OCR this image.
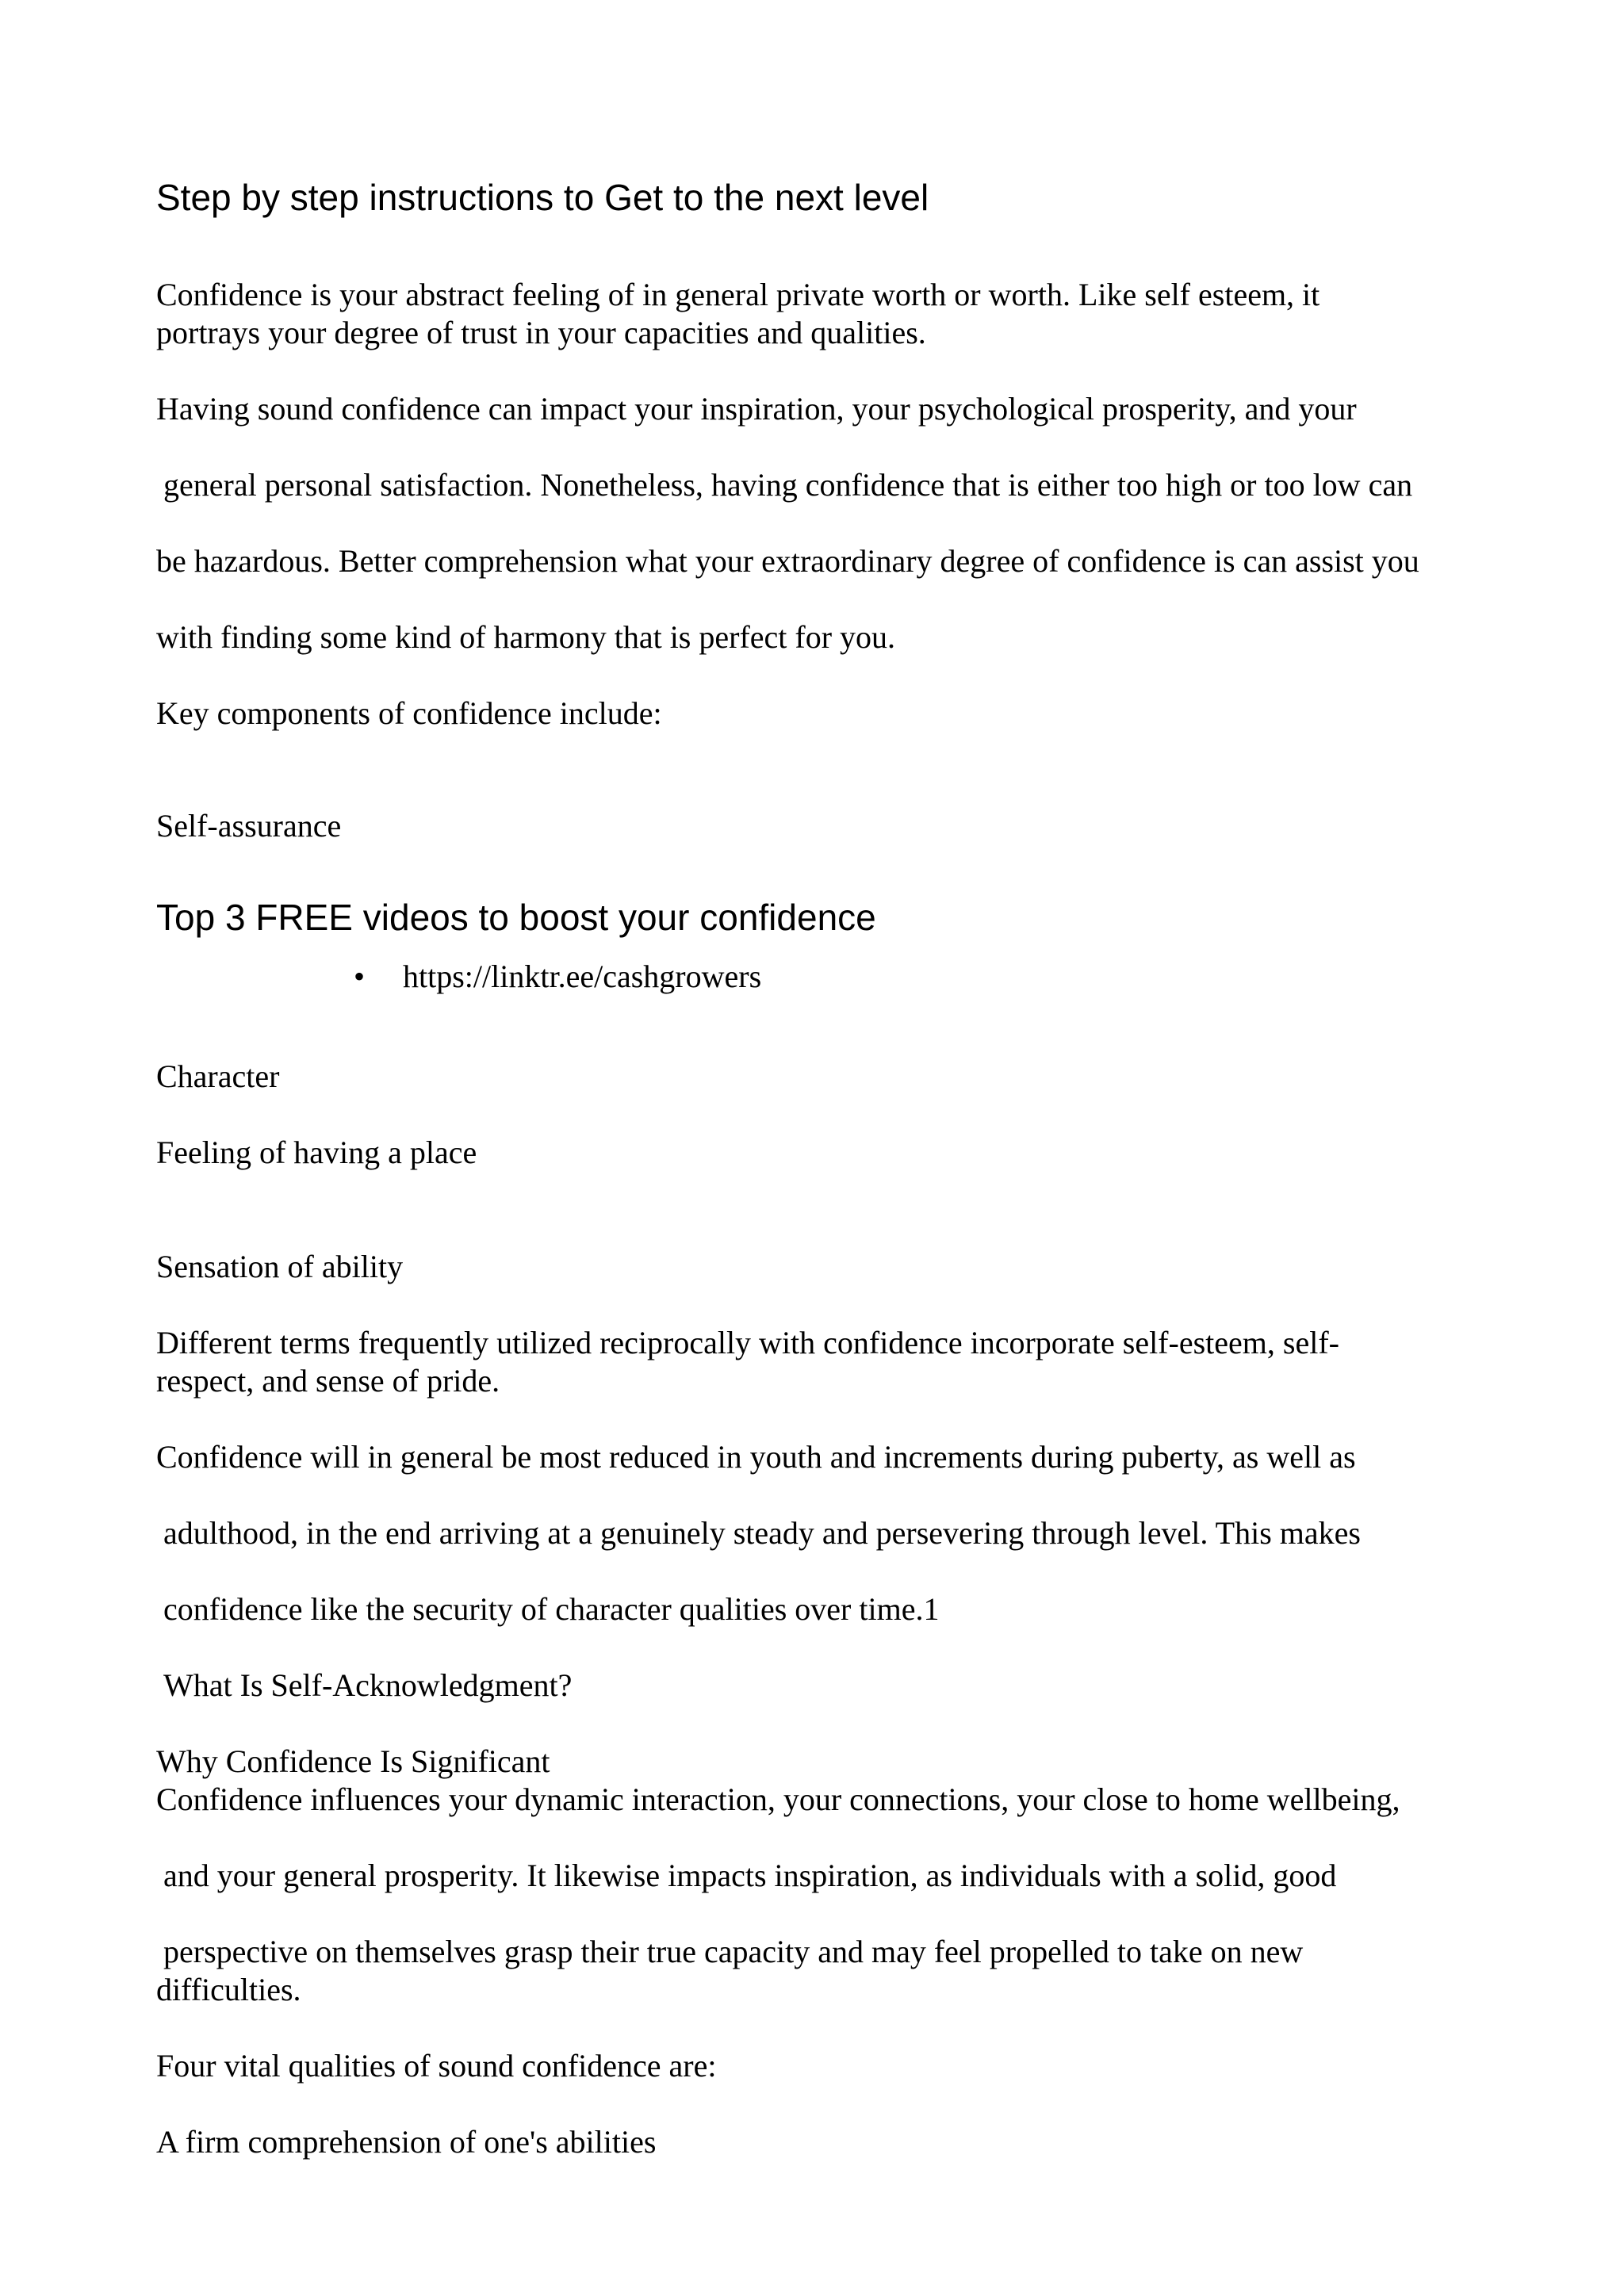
Step by step instructions to Get to the next level
Confidence is your abstract feeling of in general private worth or worth. Like self esteem, it
portrays your degree of trust in your capacities and qualities.
Having sound confidence can impact your inspiration, your psychological prosperity, and your
general personal satisfaction. Nonetheless, having confidence that is either too high or too low can
be hazardous. Better comprehension what your extraordinary degree of confidence is can assist you
with finding some kind of harmony that is perfect for you.
Key components of confidence include:
Self-assurance
Top 3 FREE videos to boost your confidence
• https://linktr.ee/cashgrowers
Character
Feeling of having a place
Sensation of ability
Different terms frequently utilized reciprocally with confidence incorporate self-esteem, self-
respect, and sense of pride.
Confidence will in general be most reduced in youth and increments during puberty, as well as
adulthood, in the end arriving at a genuinely steady and persevering through level. This makes
confidence like the security of character qualities over time.1
What Is Self-Acknowledgment?
Why Confidence Is Significant
Confidence influences your dynamic interaction, your connections, your close to home wellbeing,
and your general prosperity. It likewise impacts inspiration, as individuals with a solid, good
perspective on themselves grasp their true capacity and may feel propelled to take on new
difficulties.
Four vital qualities of sound confidence are:
A firm comprehension of one's abilities
